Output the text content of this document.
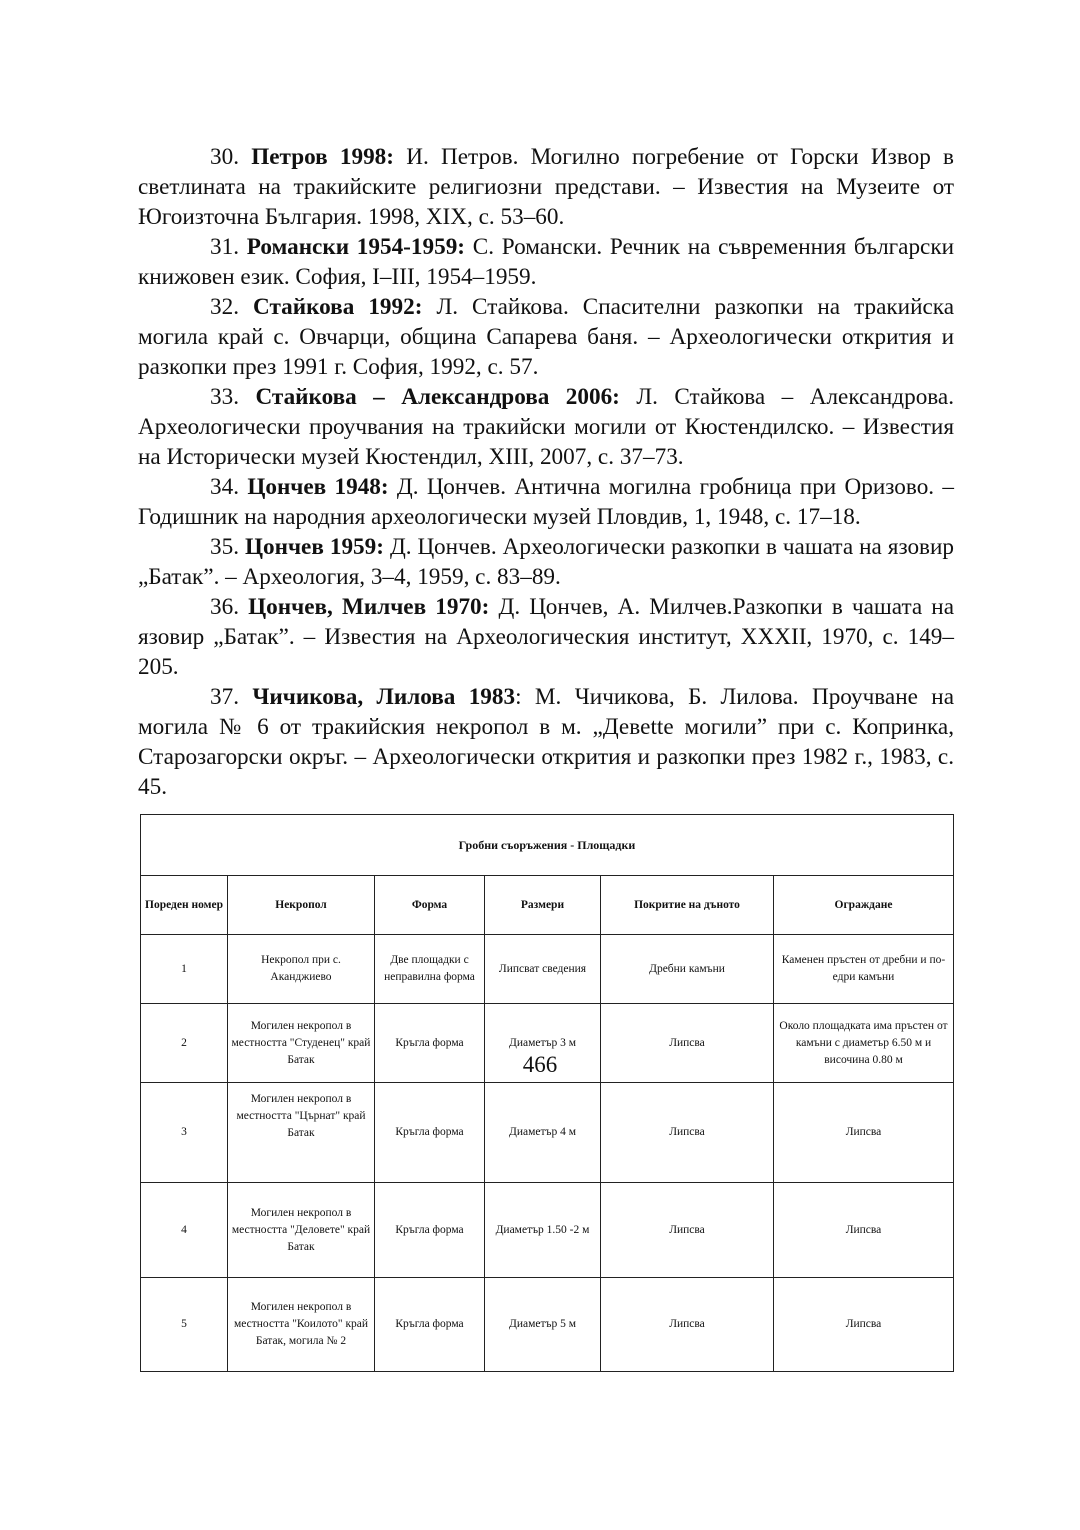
30. Петров 1998: И. Петров. Могилно погребение от Горски Извор в светлината на тракийските религиозни представи. – Известия на Музеите от Югоизточна България. 1998, XIX, с. 53–60.

31. Романски 1954-1959: С. Романски. Речник на съвременния български книжовен език. София, I–III, 1954–1959.

32. Стайкова 1992: Л. Стайкова. Спасителни разкопки на тракийска могила край с. Овчарци, община Сапарева баня. – Археологически открития и разкопки през 1991 г. София, 1992, с. 57.

33. Стайкова – Александрова 2006: Л. Стайкова – Александрова. Археологически проучвания на тракийски могили от Кюстендилско. – Известия на Исторически музей Кюстендил, XIII, 2007, с. 37–73.

34. Цончев 1948: Д. Цончев. Антична могилна гробница при Оризово. – Годишник на народния археологически музей Пловдив, 1, 1948, с. 17–18.

35. Цончев 1959: Д. Цончев. Археологически разкопки в чашата на язовир „Батак”. – Археология, 3–4, 1959, с. 83–89.

36. Цончев, Милчев 1970: Д. Цончев, А. Милчев.Разкопки в чашата на язовир „Батак”. – Известия на Археологическия институт, XXXII, 1970, с. 149–205.

37. Чичикова, Лилова 1983: М. Чичикова, Б. Лилова. Проучване на могила № 6 от тракийския некропол в м. „Девette могили” при с. Копринка, Старозагорски окръг. – Археологически открития и разкопки през 1982 г., 1983, с. 45.

Гробни съоръжения - Площадки					
Пореден номер	Некропол	Форма	Размери	Покритие на дъното	Ограждане
1	Некропол при с. Аканджиево	Две площадки с неправилна форма	Липсват сведения	Дребни камъни	Каменен пръстен от дребни и по-едри камъни
2	Могилен некропол в местността "Студенец" край Батак	Кръгла форма	Диаметър 3 м	Липсва	Около площадката има пръстен от камъни с диаметър 6.50 м и височина 0.80 м
3	Могилен некропол в местността "Църнат" край Батак	Кръгла форма	Диаметър 4 м	Липсва	Липсва
4	Могилен некропол в местността "Деловете" край Батак	Кръгла форма	Диаметър 1.50 -2 м	Липсва	Липсва
5	Могилен некропол в местността "Коилото" край Батак, могила № 2	Кръгла форма	Диаметър 5 м	Липсва	Липсва
466
